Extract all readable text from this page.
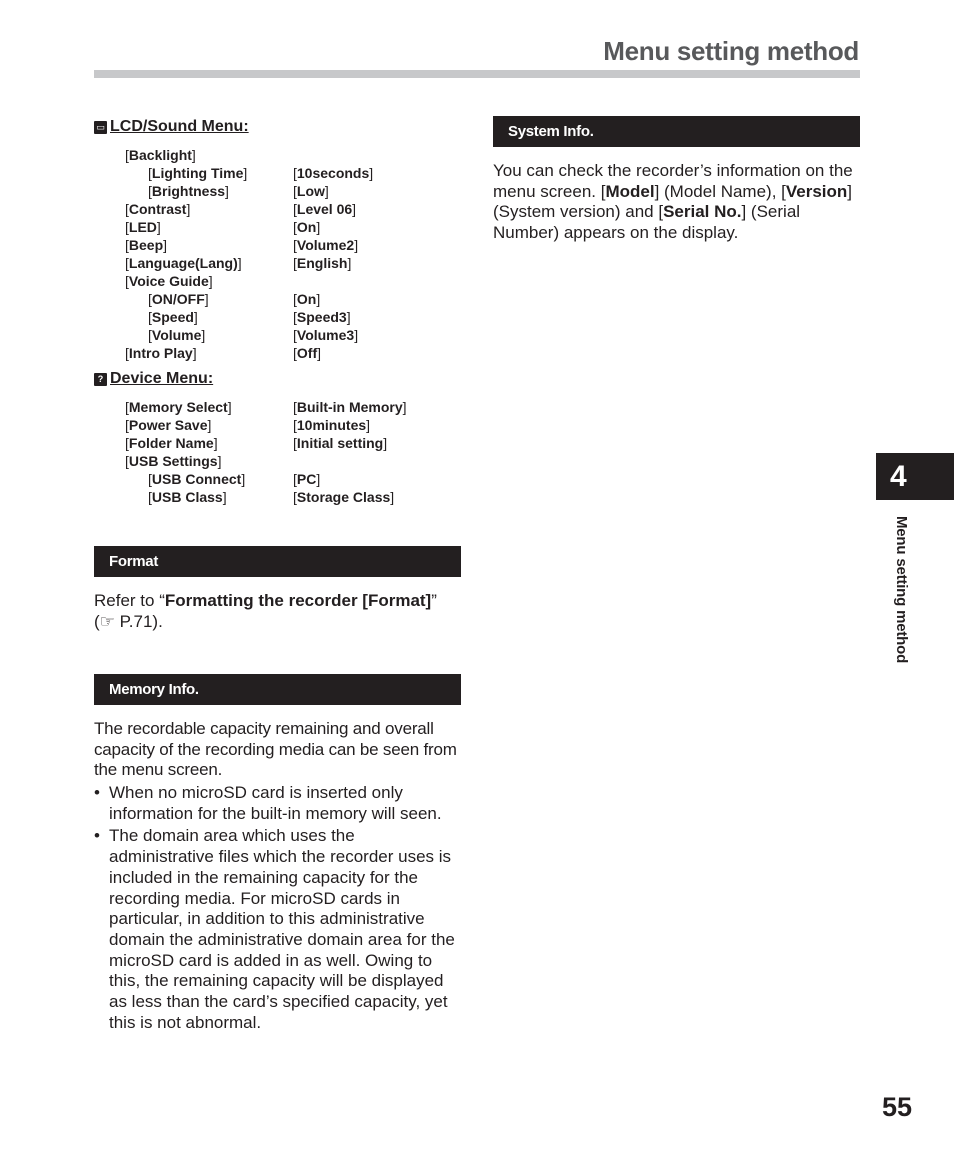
Menu setting method
▭ LCD/Sound Menu:
[Backlight]
[Lighting Time]	[10seconds]
[Brightness]	[Low]
[Contrast]	[Level 06]
[LED]	[On]
[Beep]	[Volume2]
[Language(Lang)]	[English]
[Voice Guide]
[ON/OFF]	[On]
[Speed]	[Speed3]
[Volume]	[Volume3]
[Intro Play]	[Off]
? Device Menu:
[Memory Select]	[Built-in Memory]
[Power Save]	[10minutes]
[Folder Name]	[Initial setting]
[USB Settings]
[USB Connect]	[PC]
[USB Class]	[Storage Class]
Format
Refer to “Formatting the recorder [Format]” (☞ P.71).
Memory Info.
The recordable capacity remaining and overall capacity of the recording media can be seen from the menu screen.
• When no microSD card is inserted only information for the built-in memory will seen.
• The domain area which uses the administrative files which the recorder uses is included in the remaining capacity for the recording media. For microSD cards in particular, in addition to this administrative domain the administrative domain area for the microSD card is added in as well. Owing to this, the remaining capacity will be displayed as less than the card’s specified capacity, yet this is not abnormal.
System Info.
You can check the recorder’s information on the menu screen. [Model] (Model Name), [Version] (System version) and [Serial No.] (Serial Number) appears on the display.
4
Menu setting method
55
